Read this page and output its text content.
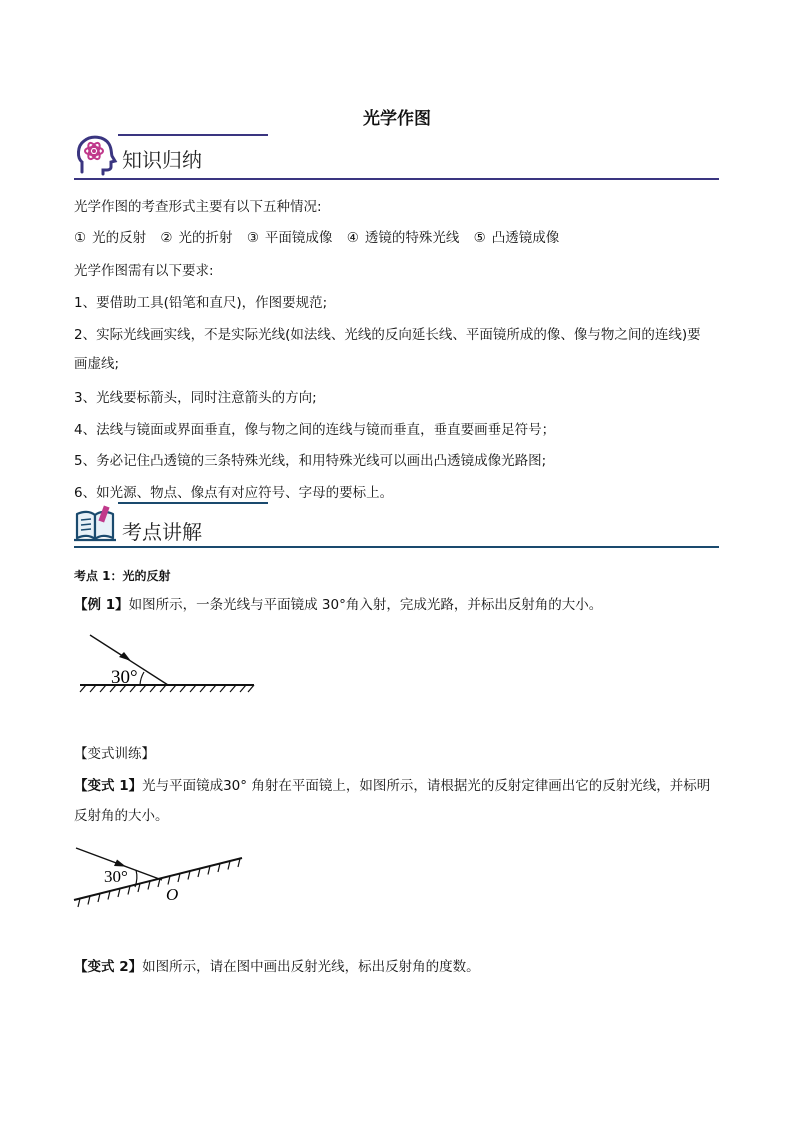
光学作图
知识归纳
光学作图的考查形式主要有以下五种情况:
① 光的反射 ② 光的折射 ③ 平面镜成像 ④ 透镜的特殊光线 ⑤ 凸透镜成像
光学作图需有以下要求:
1、要借助工具(铅笔和直尺)，作图要规范;
2、实际光线画实线，不是实际光线(如法线、光线的反向延长线、平面镜所成的像、像与物之间的连线)要
画虚线;
3、光线要标箭头，同时注意箭头的方向;
4、法线与镜面或界面垂直，像与物之间的连线与镜而垂直，垂直要画垂足符号；
5、务必记住凸透镜的三条特殊光线，和用特殊光线可以画出凸透镜成像光路图;
6、如光源、物点、像点有对应符号、字母的要标上。
考点讲解
考点 1：光的反射
【例 1】如图所示，一条光线与平面镜成 30°角入射，完成光路，并标出反射角的大小。
30°
【变式训练】
【变式 1】光与平面镜成30° 角射在平面镜上，如图所示，请根据光的反射定律画出它的反射光线，并标明
反射角的大小。
30°
O
【变式 2】如图所示，请在图中画出反射光线，标出反射角的度数。
